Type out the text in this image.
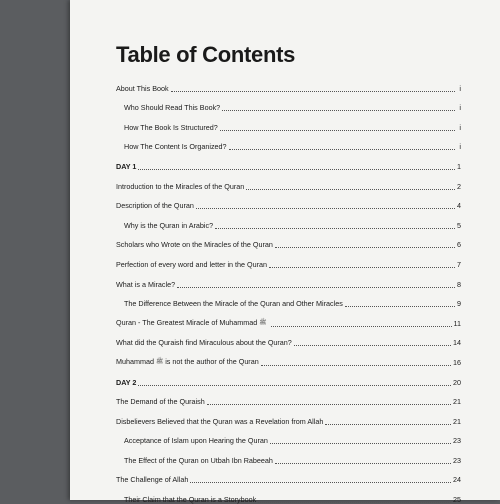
Table of Contents
About This Book	i
Who Should Read This Book?	i
How The Book Is Structured?	i
How The Content Is Organized?	i
DAY 1	1
Introduction to the Miracles of the Quran	2
Description of the Quran	4
Why is the Quran in Arabic?	5
Scholars who Wrote on the Miracles of the Quran	6
Perfection of every word and letter in the Quran	7
What is a Miracle?	8
The Difference Between the Miracle of the Quran and Other Miracles	9
Quran - The Greatest Miracle of Muhammad ﷺ	11
What did the Quraish find Miraculous about the Quran?	14
Muhammad ﷺ is not the author of the Quran	16
DAY 2	20
The Demand of the Quraish	21
Disbelievers Believed that the Quran was a Revelation from Allah	21
Acceptance of Islam upon Hearing the Quran	23
The Effect of the Quran on Utbah Ibn Rabeeah	23
The Challenge of Allah	24
Their Claim that the Quran is a Storybook	25
